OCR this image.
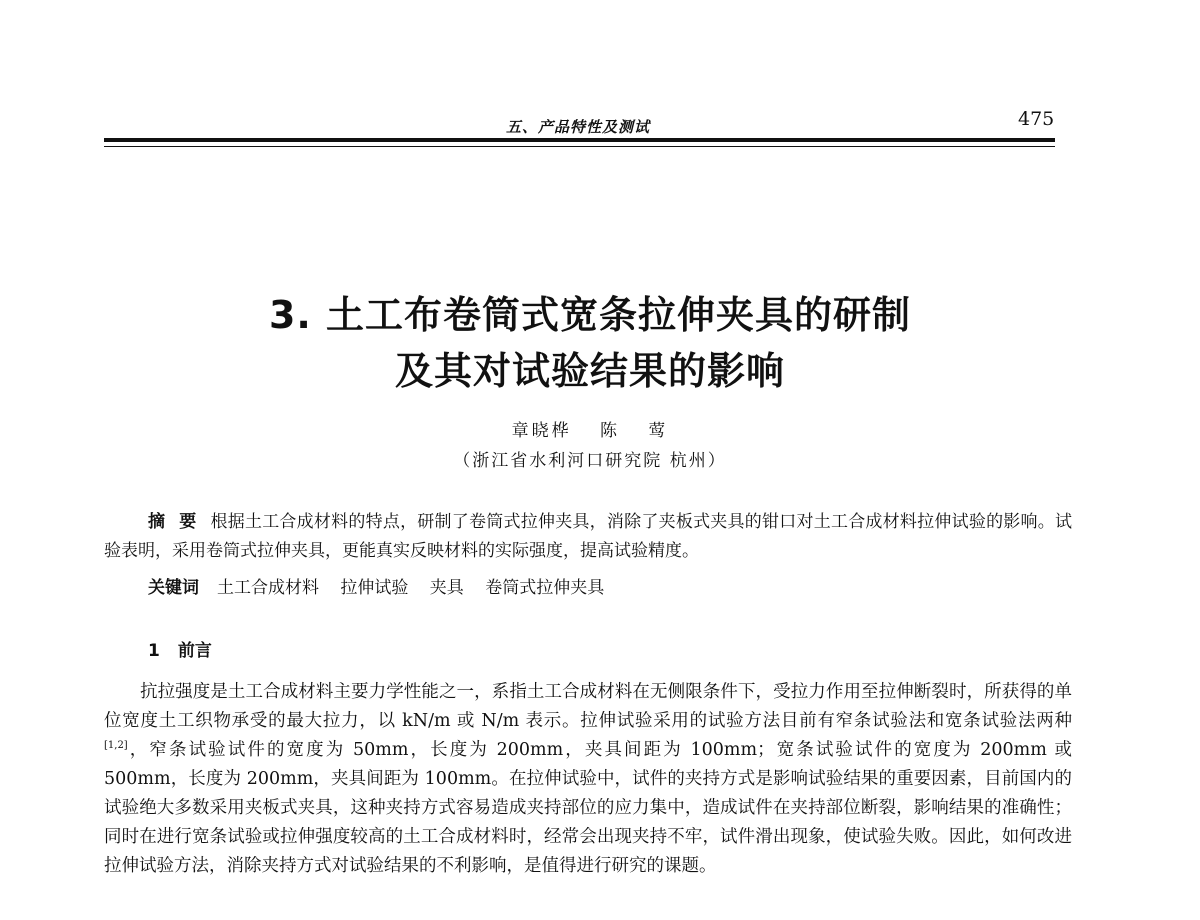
五、产品特性及测试	475
3. 土工布卷筒式宽条拉伸夹具的研制
及其对试验结果的影响
章晓桦 陈 莺
（浙江省水利河口研究院 杭州）

摘要根据土工合成材料的特点，研制了卷筒式拉伸夹具，消除了夹板式夹具的钳口对土工合成材料拉伸试验的影响。试验表明，采用卷筒式拉伸夹具，更能真实反映材料的实际强度，提高试验精度。

关键词 土工合成材料 拉伸试验 夹具 卷筒式拉伸夹具
1 前言

抗拉强度是土工合成材料主要力学性能之一，系指土工合成材料在无侧限条件下，受拉力作用至拉伸断裂时，所获得的单位宽度土工织物承受的最大拉力，以 kN/m 或 N/m 表示。拉伸试验采用的试验方法目前有窄条试验法和宽条试验法两种[1,2]，窄条试验试件的宽度为 50mm，长度为 200mm，夹具间距为 100mm；宽条试验试件的宽度为 200mm 或 500mm，长度为 200mm，夹具间距为 100mm。在拉伸试验中，试件的夹持方式是影响试验结果的重要因素，目前国内的试验绝大多数采用夹板式夹具，这种夹持方式容易造成夹持部位的应力集中，造成试件在夹持部位断裂，影响结果的准确性；同时在进行宽条试验或拉伸强度较高的土工合成材料时，经常会出现夹持不牢，试件滑出现象，使试验失败。因此，如何改进拉伸试验方法，消除夹持方式对试验结果的不利影响，是值得进行研究的课题。
